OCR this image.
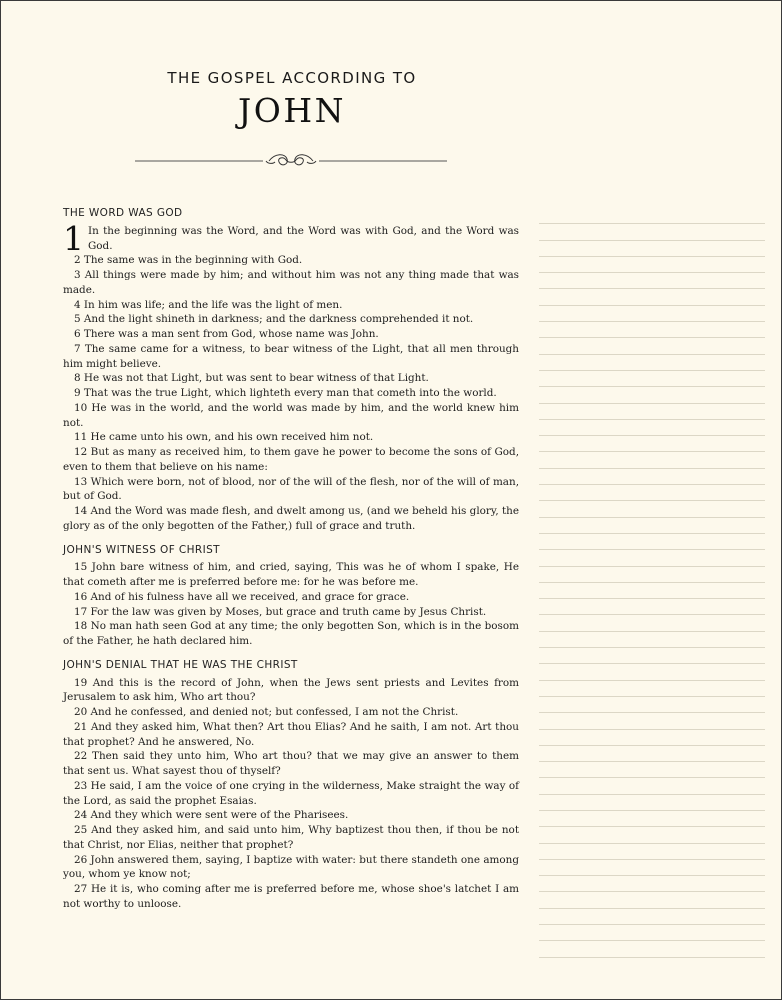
THE GOSPEL ACCORDING TO
JOHN
THE WORD WAS GOD

1 In the beginning was the Word, and the Word was with God, and the Word was God.

2 The same was in the beginning with God.

3 All things were made by him; and without him was not any thing made that was made.

4 In him was life; and the life was the light of men.

5 And the light shineth in darkness; and the darkness comprehended it not.

6 There was a man sent from God, whose name was John.

7 The same came for a witness, to bear witness of the Light, that all men through him might believe.

8 He was not that Light, but was sent to bear witness of that Light.

9 That was the true Light, which lighteth every man that cometh into the world.

10 He was in the world, and the world was made by him, and the world knew him not.

11 He came unto his own, and his own received him not.

12 But as many as received him, to them gave he power to become the sons of God, even to them that believe on his name:

13 Which were born, not of blood, nor of the will of the flesh, nor of the will of man, but of God.

14 And the Word was made flesh, and dwelt among us, (and we beheld his glory, the glory as of the only begotten of the Father,) full of grace and truth.

JOHN'S WITNESS OF CHRIST

15 John bare witness of him, and cried, saying, This was he of whom I spake, He that cometh after me is preferred before me: for he was before me.

16 And of his fulness have all we received, and grace for grace.

17 For the law was given by Moses, but grace and truth came by Jesus Christ.

18 No man hath seen God at any time; the only begotten Son, which is in the bosom of the Father, he hath declared him.

JOHN'S DENIAL THAT HE WAS THE CHRIST

19 And this is the record of John, when the Jews sent priests and Levites from Jerusalem to ask him, Who art thou?

20 And he confessed, and denied not; but confessed, I am not the Christ.

21 And they asked him, What then? Art thou Elias? And he saith, I am not. Art thou that prophet? And he answered, No.

22 Then said they unto him, Who art thou? that we may give an answer to them that sent us. What sayest thou of thyself?

23 He said, I am the voice of one crying in the wilderness, Make straight the way of the Lord, as said the prophet Esaias.

24 And they which were sent were of the Pharisees.

25 And they asked him, and said unto him, Why baptizest thou then, if thou be not that Christ, nor Elias, neither that prophet?

26 John answered them, saying, I baptize with water: but there standeth one among you, whom ye know not;

27 He it is, who coming after me is preferred before me, whose shoe's latchet I am not worthy to unloose.
